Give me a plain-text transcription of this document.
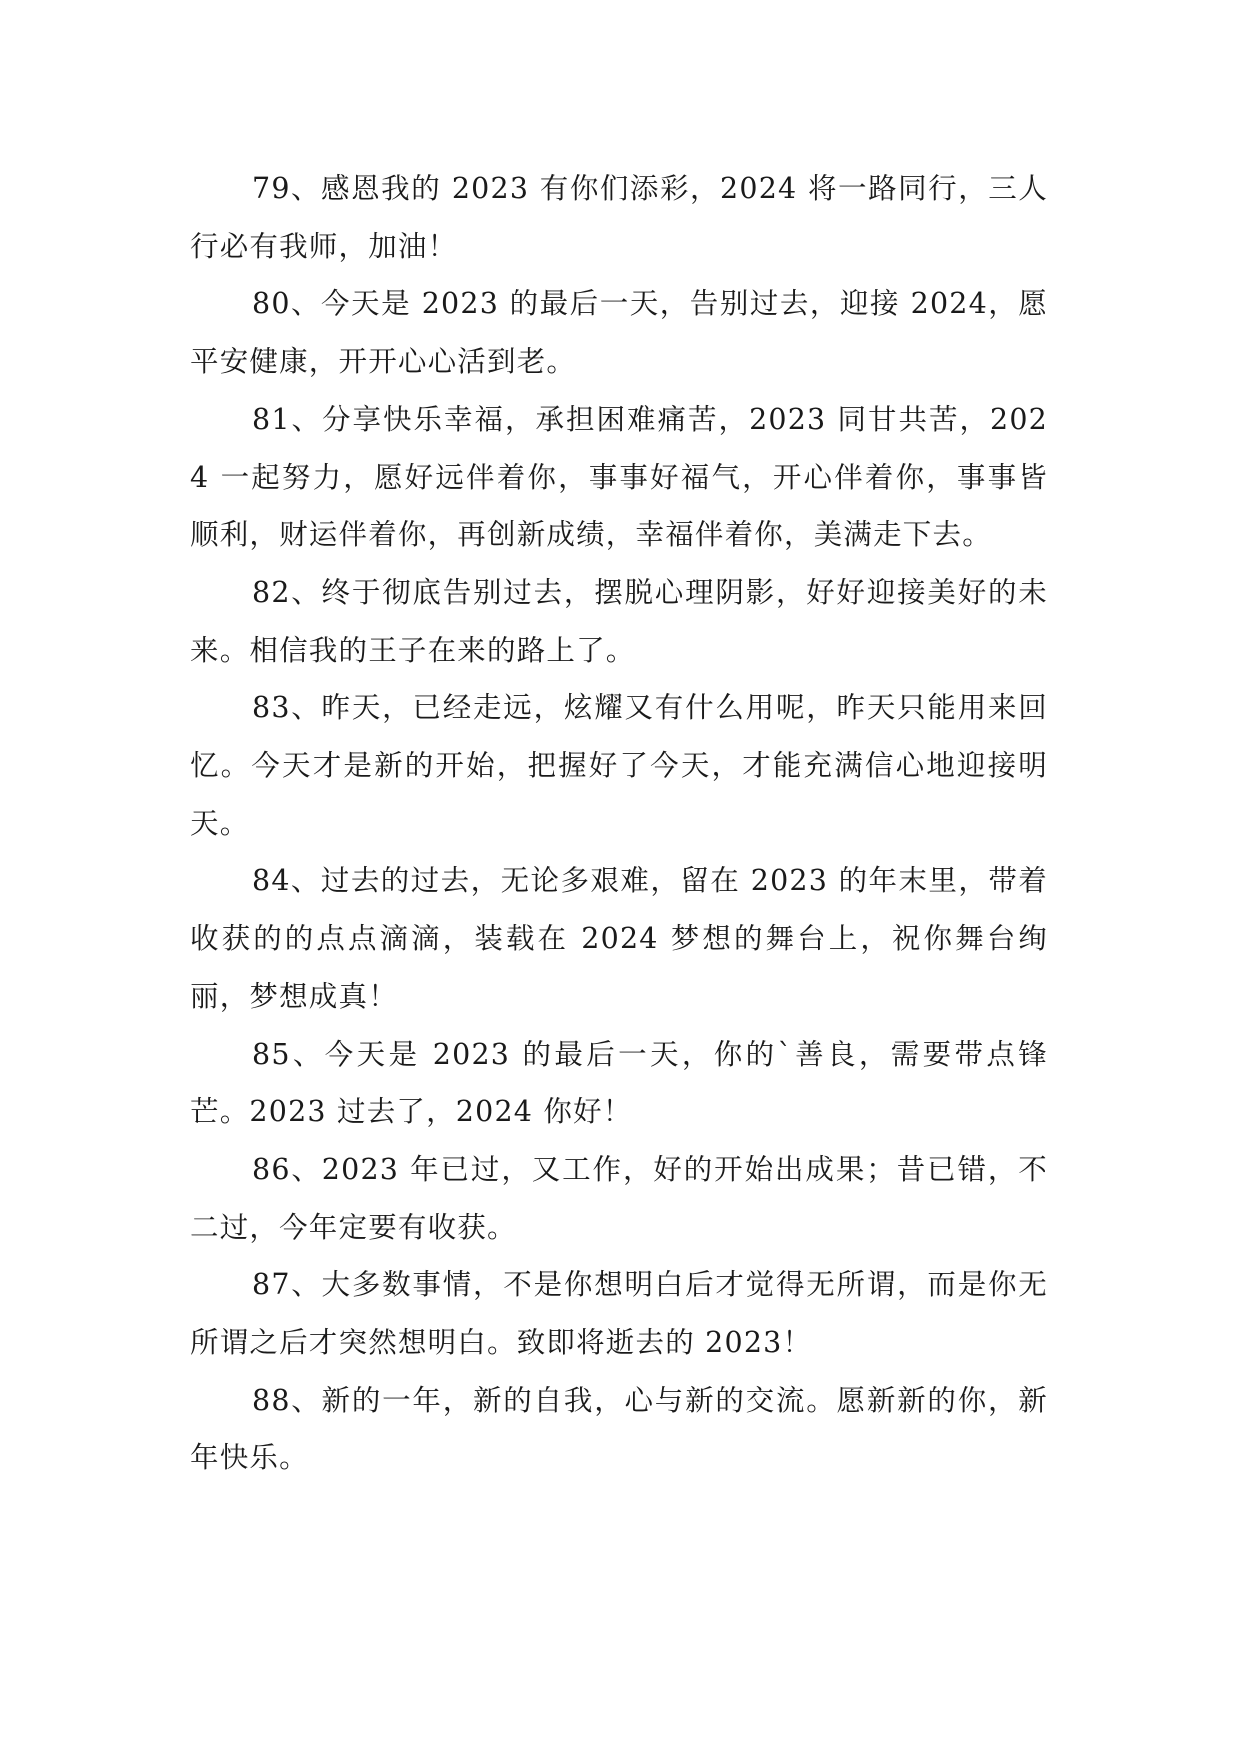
79、感恩我的 2023 有你们添彩，2024 将一路同行，三人行必有我师，加油！

80、今天是 2023 的最后一天，告别过去，迎接 2024，愿平安健康，开开心心活到老。

81、分享快乐幸福，承担困难痛苦，2023 同甘共苦，2024 一起努力，愿好远伴着你，事事好福气，开心伴着你，事事皆顺利，财运伴着你，再创新成绩，幸福伴着你，美满走下去。

82、终于彻底告别过去，摆脱心理阴影，好好迎接美好的未来。相信我的王子在来的路上了。

83、昨天，已经走远，炫耀又有什么用呢，昨天只能用来回忆。今天才是新的开始，把握好了今天，才能充满信心地迎接明天。

84、过去的过去，无论多艰难，留在 2023 的年末里，带着收获的的点点滴滴，装载在 2024 梦想的舞台上，祝你舞台绚丽，梦想成真！

85、今天是 2023 的最后一天，你的`善良，需要带点锋芒。2023 过去了，2024 你好！

86、2023 年已过，又工作，好的开始出成果；昔已错，不二过，今年定要有收获。

87、大多数事情，不是你想明白后才觉得无所谓，而是你无所谓之后才突然想明白。致即将逝去的 2023！

88、新的一年，新的自我，心与新的交流。愿新新的你，新年快乐。
